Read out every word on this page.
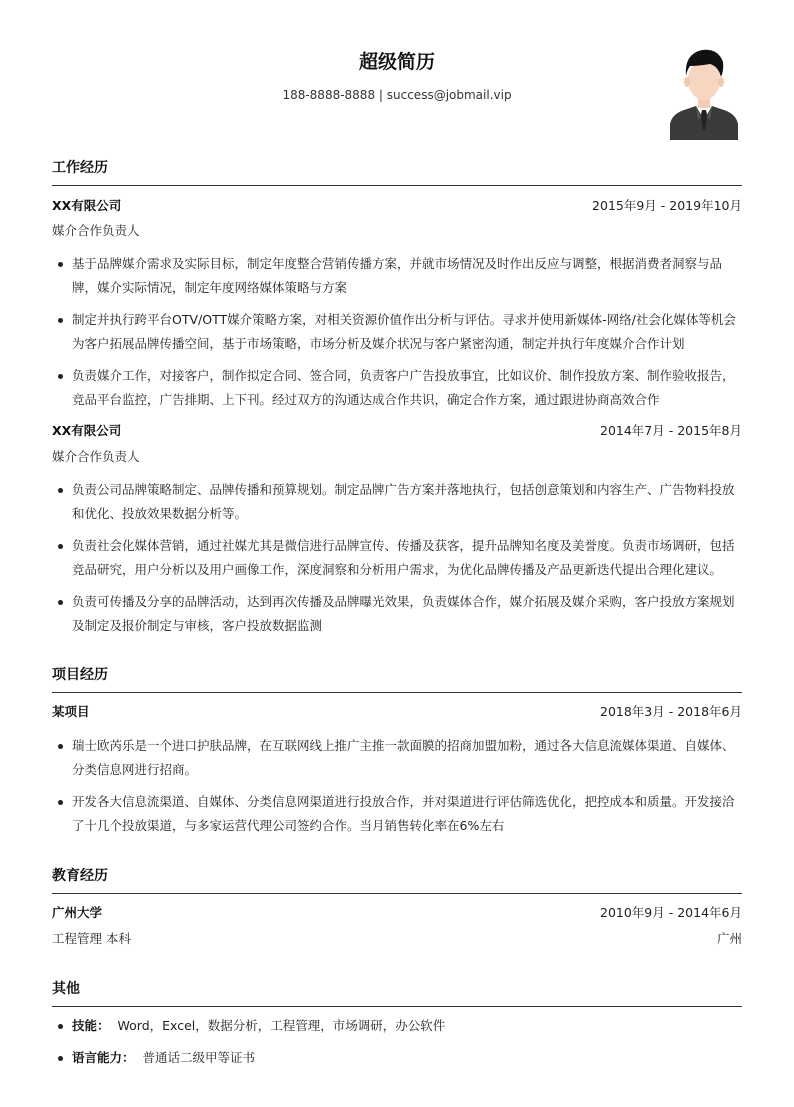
超级简历
188-8888-8888 | success@jobmail.vip
工作经历
XX有限公司	2015年9月 - 2019年10月
媒介合作负责人
基于品牌媒介需求及实际目标，制定年度整合营销传播方案，并就市场情况及时作出反应与调整，根据消费者洞察与品牌，媒介实际情况，制定年度网络媒体策略与方案
制定并执行跨平台OTV/OTT媒介策略方案，对相关资源价值作出分析与评估。寻求并使用新媒体-网络/社会化媒体等机会为客户拓展品牌传播空间，基于市场策略，市场分析及媒介状况与客户紧密沟通，制定并执行年度媒介合作计划
负责媒介工作，对接客户，制作拟定合同、签合同，负责客户广告投放事宜，比如议价、制作投放方案、制作验收报告，竞品平台监控，广告排期、上下刊。经过双方的沟通达成合作共识，确定合作方案，通过跟进协商高效合作
XX有限公司	2014年7月 - 2015年8月
媒介合作负责人
负责公司品牌策略制定、品牌传播和预算规划。制定品牌广告方案并落地执行，包括创意策划和内容生产、广告物料投放和优化、投放效果数据分析等。
负责社会化媒体营销，通过社媒尤其是微信进行品牌宣传、传播及获客，提升品牌知名度及美誉度。负责市场调研，包括竞品研究，用户分析以及用户画像工作，深度洞察和分析用户需求，为优化品牌传播及产品更新迭代提出合理化建议。
负责可传播及分享的品牌活动，达到再次传播及品牌曝光效果，负责媒体合作，媒介拓展及媒介采购，客户投放方案规划及制定及报价制定与审核，客户投放数据监测
项目经历
某项目	2018年3月 - 2018年6月
瑞士欧芮乐是一个进口护肤品牌，在互联网线上推广主推一款面膜的招商加盟加粉，通过各大信息流媒体渠道、自媒体、分类信息网进行招商。
开发各大信息流渠道、自媒体、分类信息网渠道进行投放合作，并对渠道进行评估筛选优化，把控成本和质量。开发接洽了十几个投放渠道，与多家运营代理公司签约合作。当月销售转化率在6%左右
教育经历
广州大学	2010年9月 - 2014年6月
工程管理 本科	广州
其他
技能： Word，Excel，数据分析，工程管理，市场调研，办公软件
语言能力： 普通话二级甲等证书
